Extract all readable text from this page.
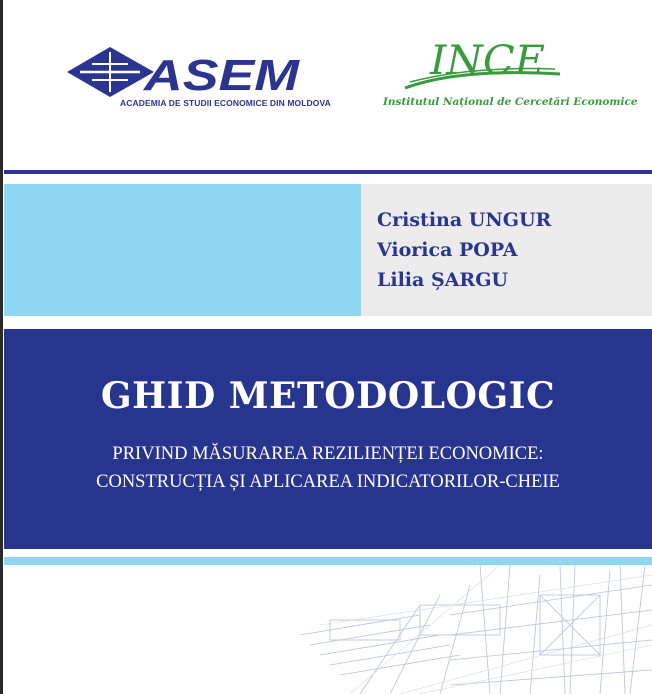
ASEM
ACADEMIA DE STUDII ECONOMICE DIN MOLDOVA
INCE
Institutul Național de Cercetări Economice
Cristina UNGUR
Viorica POPA
Lilia ȘARGU
GHID METODOLOGIC
PRIVIND MĂSURAREA REZILIENȚEI ECONOMICE:
CONSTRUCȚIA ȘI APLICAREA INDICATORILOR-CHEIE
